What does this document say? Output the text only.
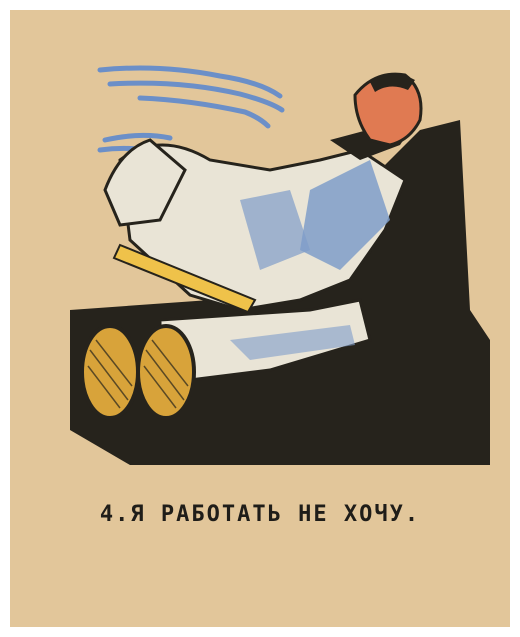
4.Я РАБОТАТЬ НЕ ХОЧУ.
